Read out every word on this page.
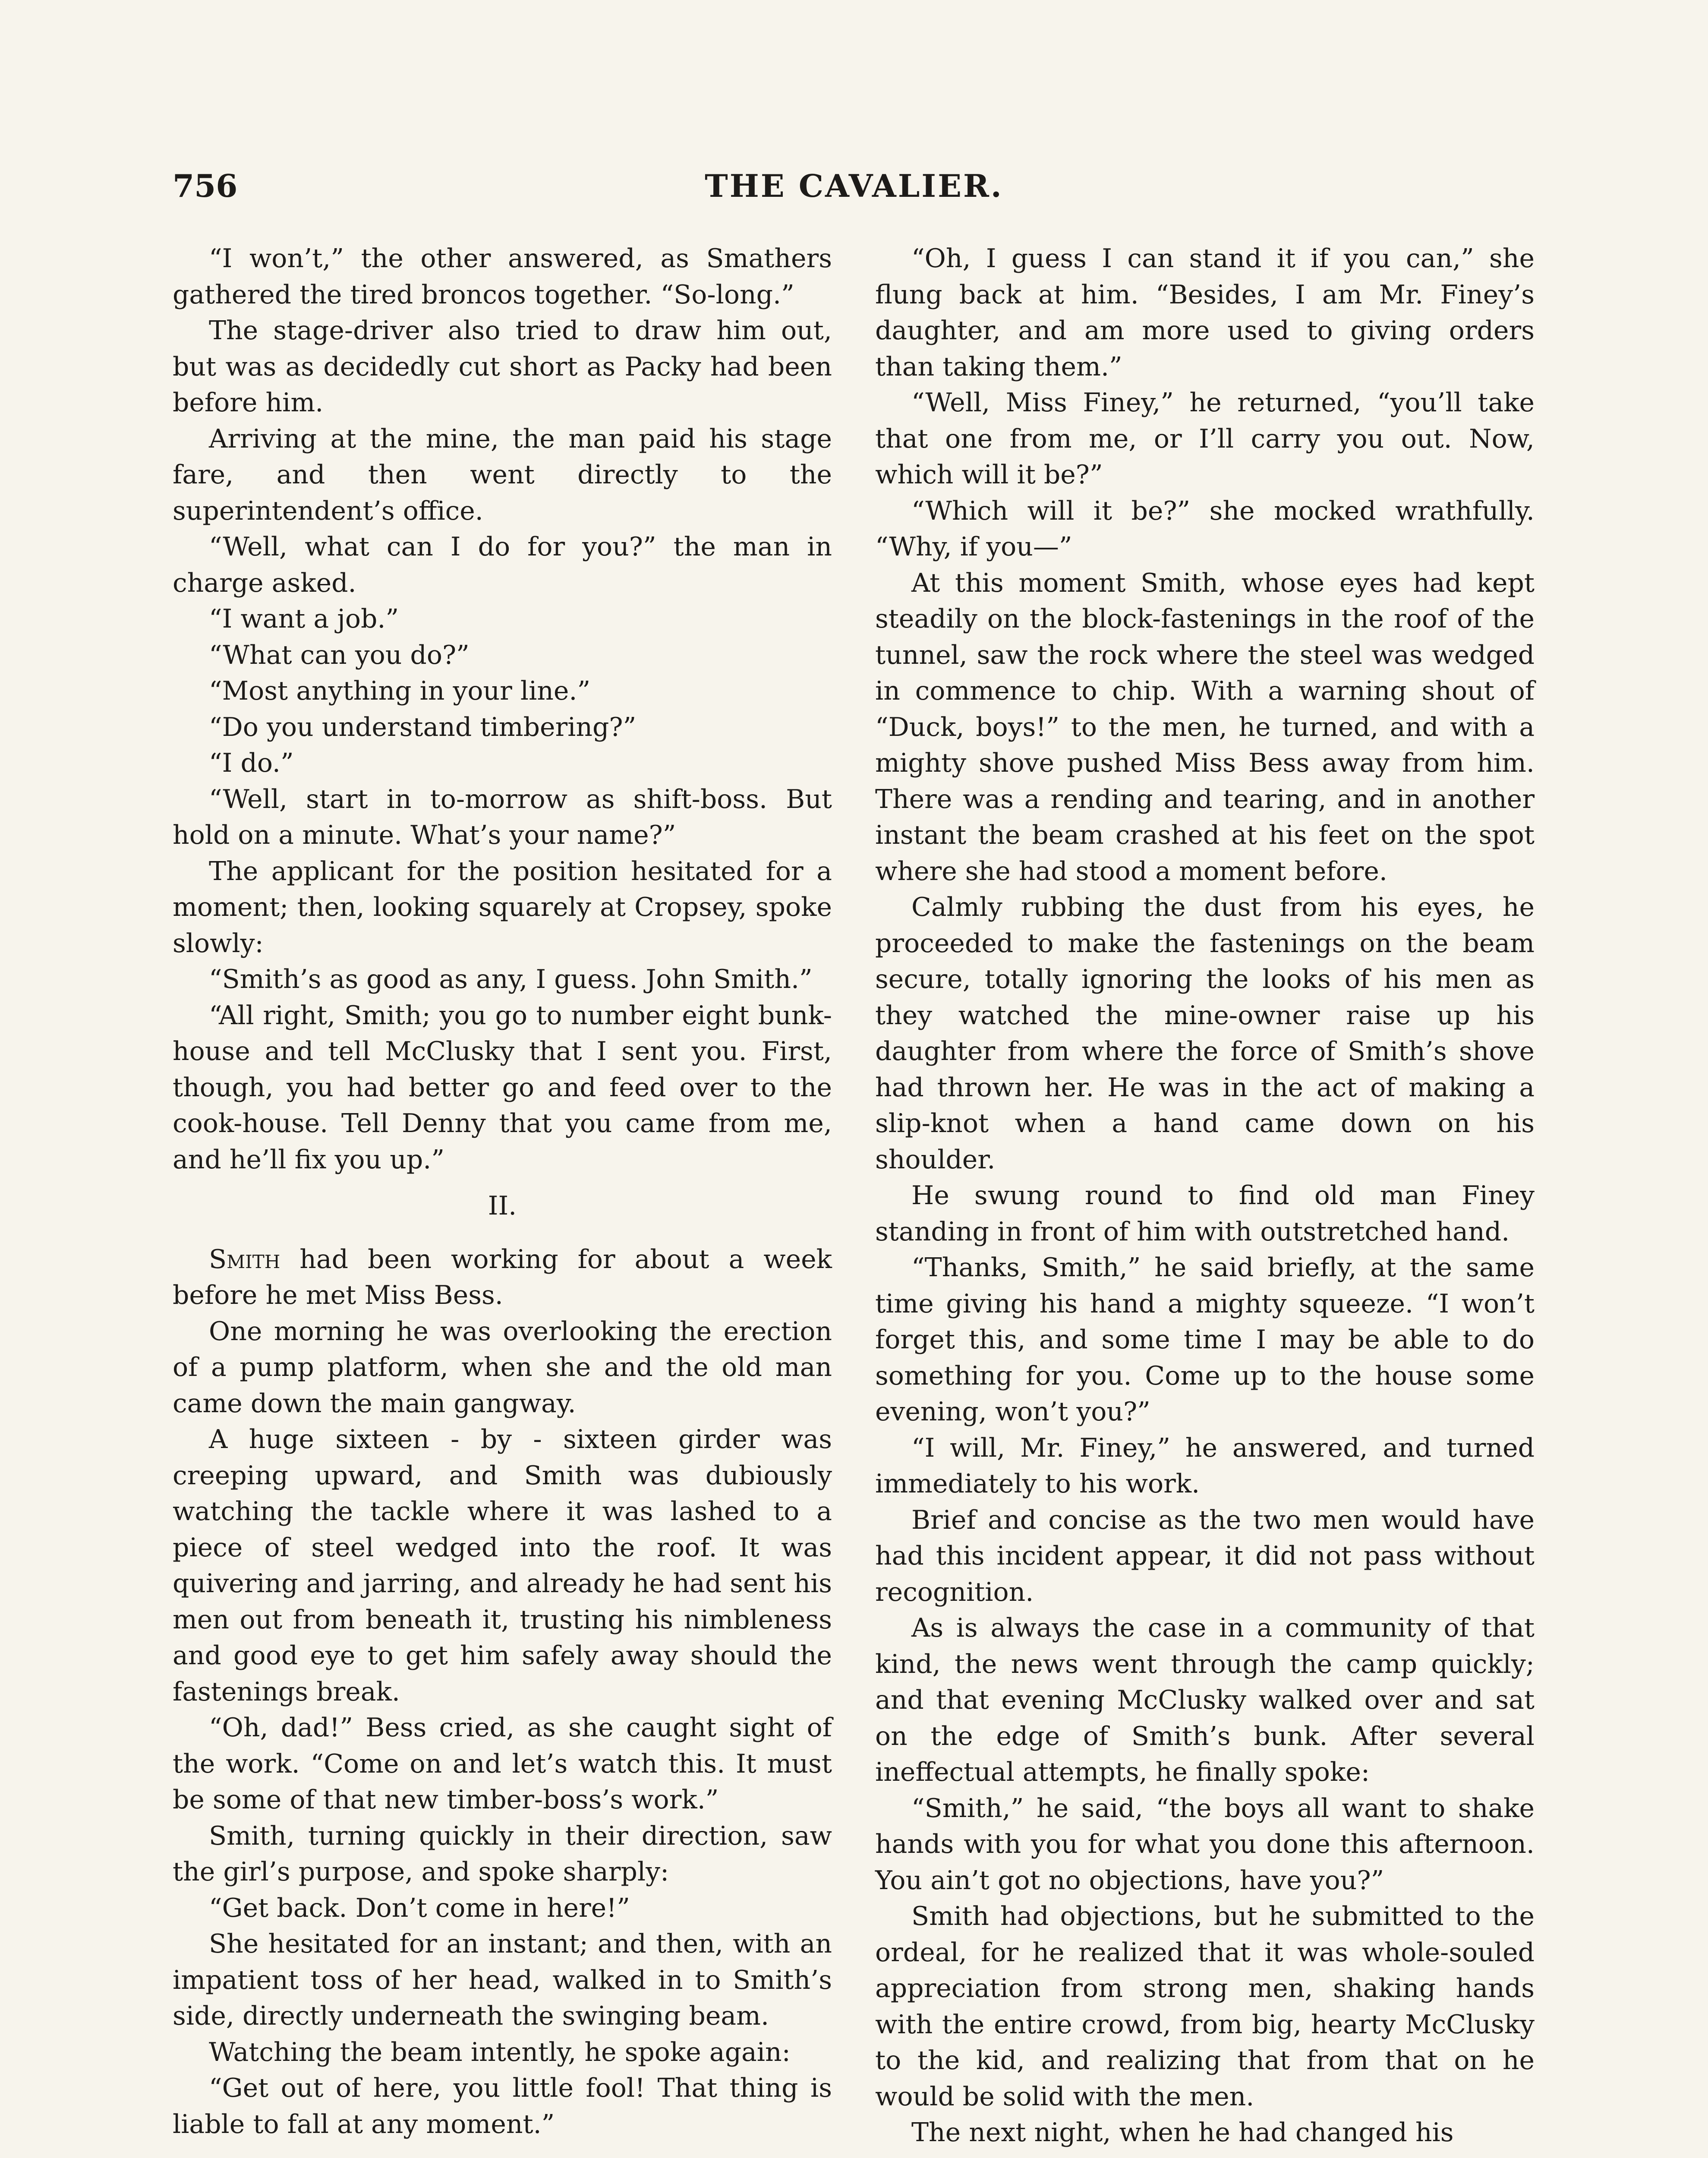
756	THE CAVALIER.

“I won’t,” the other answered, as Smathers gathered the tired broncos together. “So-long.”

The stage-driver also tried to draw him out, but was as decidedly cut short as Packy had been before him.

Arriving at the mine, the man paid his stage fare, and then went directly to the superintendent’s office.

“Well, what can I do for you?” the man in charge asked.

“I want a job.”

“What can you do?”

“Most anything in your line.”

“Do you understand timbering?”

“I do.”

“Well, start in to-morrow as shift-boss. But hold on a minute. What’s your name?”

The applicant for the position hesitated for a moment; then, looking squarely at Cropsey, spoke slowly:

“Smith’s as good as any, I guess. John Smith.”

“All right, Smith; you go to number eight bunk-house and tell McClusky that I sent you. First, though, you had better go and feed over to the cook-house. Tell Denny that you came from me, and he’ll fix you up.”

II.

Smith had been working for about a week before he met Miss Bess.

One morning he was overlooking the erection of a pump platform, when she and the old man came down the main gangway.

A huge sixteen - by - sixteen girder was creeping upward, and Smith was dubiously watching the tackle where it was lashed to a piece of steel wedged into the roof. It was quivering and jarring, and already he had sent his men out from beneath it, trusting his nimbleness and good eye to get him safely away should the fastenings break.

“Oh, dad!” Bess cried, as she caught sight of the work. “Come on and let’s watch this. It must be some of that new timber-boss’s work.”

Smith, turning quickly in their direction, saw the girl’s purpose, and spoke sharply:

“Get back. Don’t come in here!”

She hesitated for an instant; and then, with an impatient toss of her head, walked in to Smith’s side, directly underneath the swinging beam.

Watching the beam intently, he spoke again:

“Get out of here, you little fool! That thing is liable to fall at any moment.”

“Oh, I guess I can stand it if you can,” she flung back at him. “Besides, I am Mr. Finey’s daughter, and am more used to giving orders than taking them.”

“Well, Miss Finey,” he returned, “you’ll take that one from me, or I’ll carry you out. Now, which will it be?”

“Which will it be?” she mocked wrathfully. “Why, if you—”

At this moment Smith, whose eyes had kept steadily on the block-fastenings in the roof of the tunnel, saw the rock where the steel was wedged in commence to chip. With a warning shout of “Duck, boys!” to the men, he turned, and with a mighty shove pushed Miss Bess away from him. There was a rending and tearing, and in another instant the beam crashed at his feet on the spot where she had stood a moment before.

Calmly rubbing the dust from his eyes, he proceeded to make the fastenings on the beam secure, totally ignoring the looks of his men as they watched the mine-owner raise up his daughter from where the force of Smith’s shove had thrown her. He was in the act of making a slip-knot when a hand came down on his shoulder.

He swung round to find old man Finey standing in front of him with outstretched hand.

“Thanks, Smith,” he said briefly, at the same time giving his hand a mighty squeeze. “I won’t forget this, and some time I may be able to do something for you. Come up to the house some evening, won’t you?”

“I will, Mr. Finey,” he answered, and turned immediately to his work.

Brief and concise as the two men would have had this incident appear, it did not pass without recognition.

As is always the case in a community of that kind, the news went through the camp quickly; and that evening McClusky walked over and sat on the edge of Smith’s bunk. After several ineffectual attempts, he finally spoke:

“Smith,” he said, “the boys all want to shake hands with you for what you done this afternoon. You ain’t got no objections, have you?”

Smith had objections, but he submitted to the ordeal, for he realized that it was whole-souled appreciation from strong men, shaking hands with the entire crowd, from big, hearty McClusky to the kid, and realizing that from that on he would be solid with the men.

The next night, when he had changed his
